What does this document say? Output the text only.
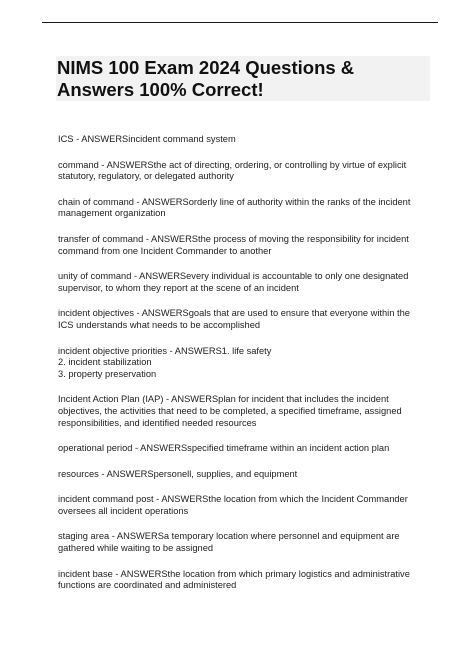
NIMS 100 Exam 2024 Questions & Answers 100% Correct!
ICS - ANSWERSincident command system
command - ANSWERSthe act of directing, ordering, or controlling by virtue of explicit
statutory, regulatory, or delegated authority
chain of command - ANSWERSorderly line of authority within the ranks of the incident
management organization
transfer of command - ANSWERSthe process of moving the responsibility for incident
command from one Incident Commander to another
unity of command - ANSWERSevery individual is accountable to only one designated
supervisor, to whom they report at the scene of an incident
incident objectives - ANSWERSgoals that are used to ensure that everyone within the
ICS understands what needs to be accomplished
incident objective priorities - ANSWERS1. life safety
2. incident stabilization
3. property preservation
Incident Action Plan (IAP) - ANSWERSplan for incident that includes the incident
objectives, the activities that need to be completed, a specified timeframe, assigned
responsibilities, and identified needed resources
operational period - ANSWERSspecified timeframe within an incident action plan
resources - ANSWERSpersonell, supplies, and equipment
incident command post - ANSWERSthe location from which the Incident Commander
oversees all incident operations
staging area - ANSWERSa temporary location where personnel and equipment are
gathered while waiting to be assigned
incident base - ANSWERSthe location from which primary logistics and administrative
functions are coordinated and administered
